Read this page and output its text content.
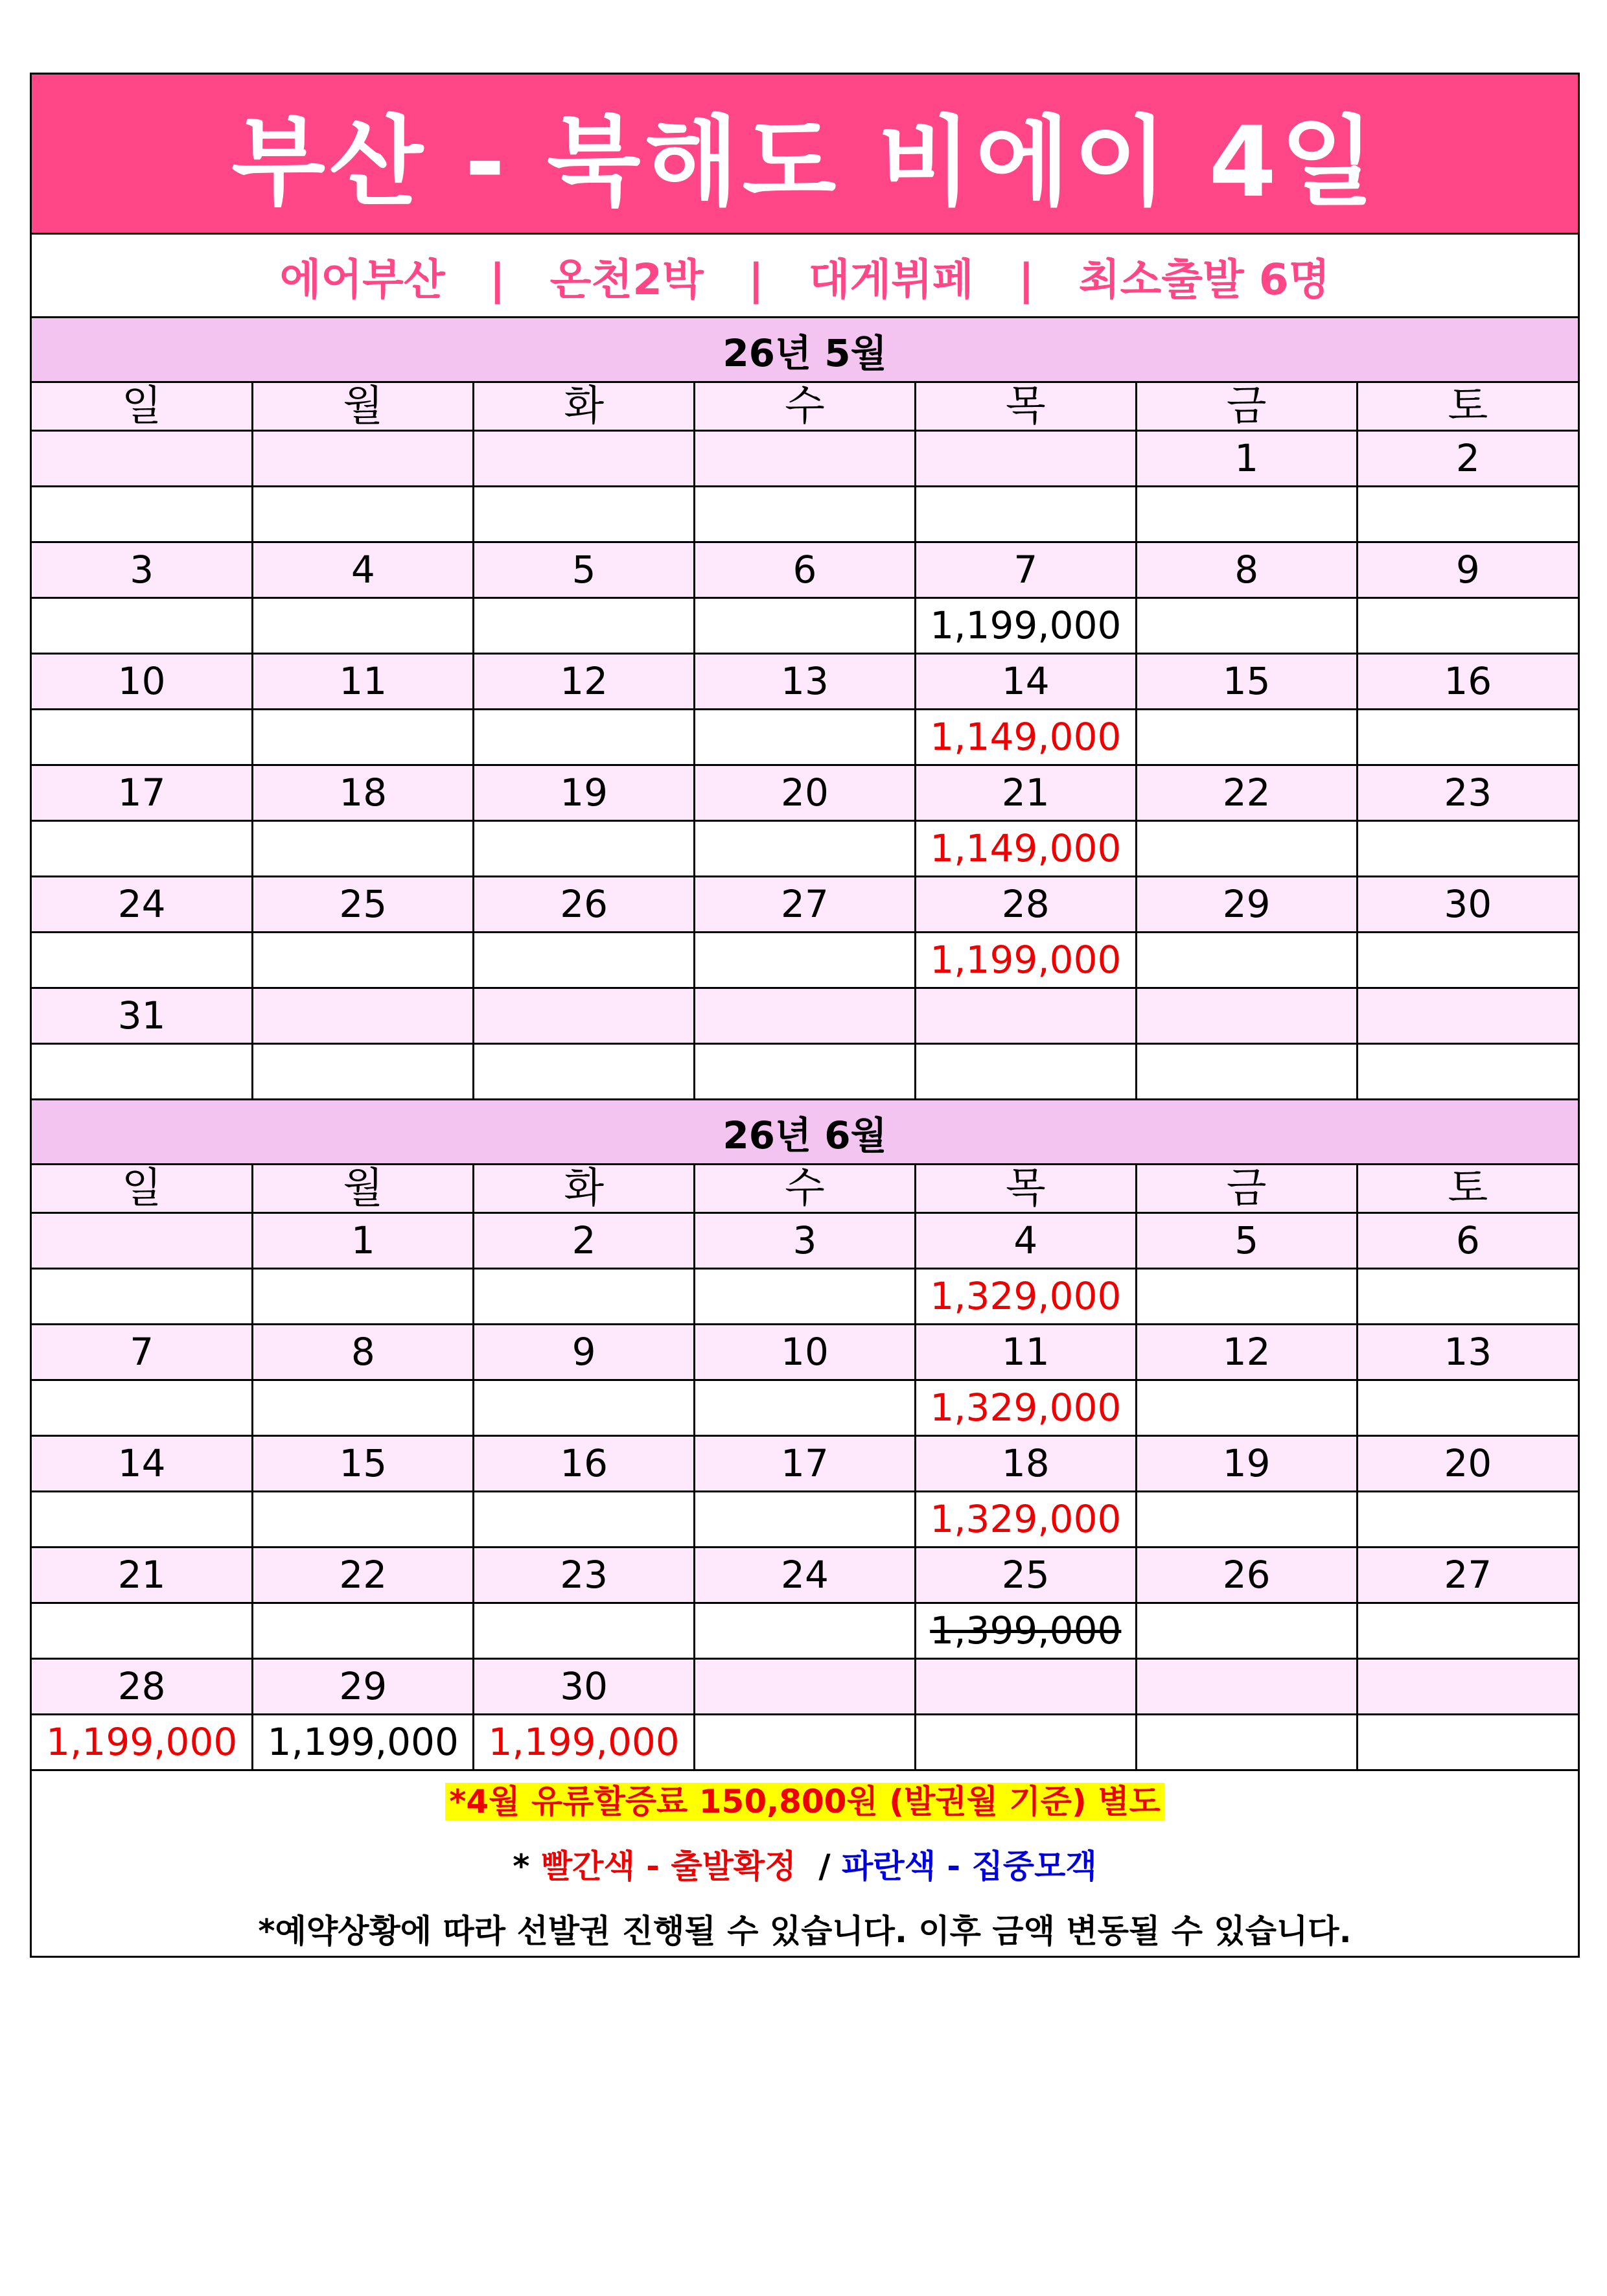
부산 - 북해도 비에이 4일
에어부산   |   온천2박   |   대게뷔페   |   최소출발 6명
26년 5월
일	월	화	수	목	금	토
					1	2

3	4	5	6	7	8	9
				1,199,000		
10	11	12	13	14	15	16
				1,149,000		
17	18	19	20	21	22	23
				1,149,000		
24	25	26	27	28	29	30
				1,199,000		
31						

26년 6월
일	월	화	수	목	금	토
	1	2	3	4	5	6
				1,329,000		
7	8	9	10	11	12	13
				1,329,000		
14	15	16	17	18	19	20
				1,329,000		
21	22	23	24	25	26	27
				1,399,000		
28	29	30				
1,199,000	1,199,000	1,199,000				
*4월 유류할증료 150,800원 (발권월 기준) 별도
* 빨간색 - 출발확정  / 파란색 - 집중모객
*예약상황에 따라 선발권 진행될 수 있습니다. 이후 금액 변동될 수 있습니다.
